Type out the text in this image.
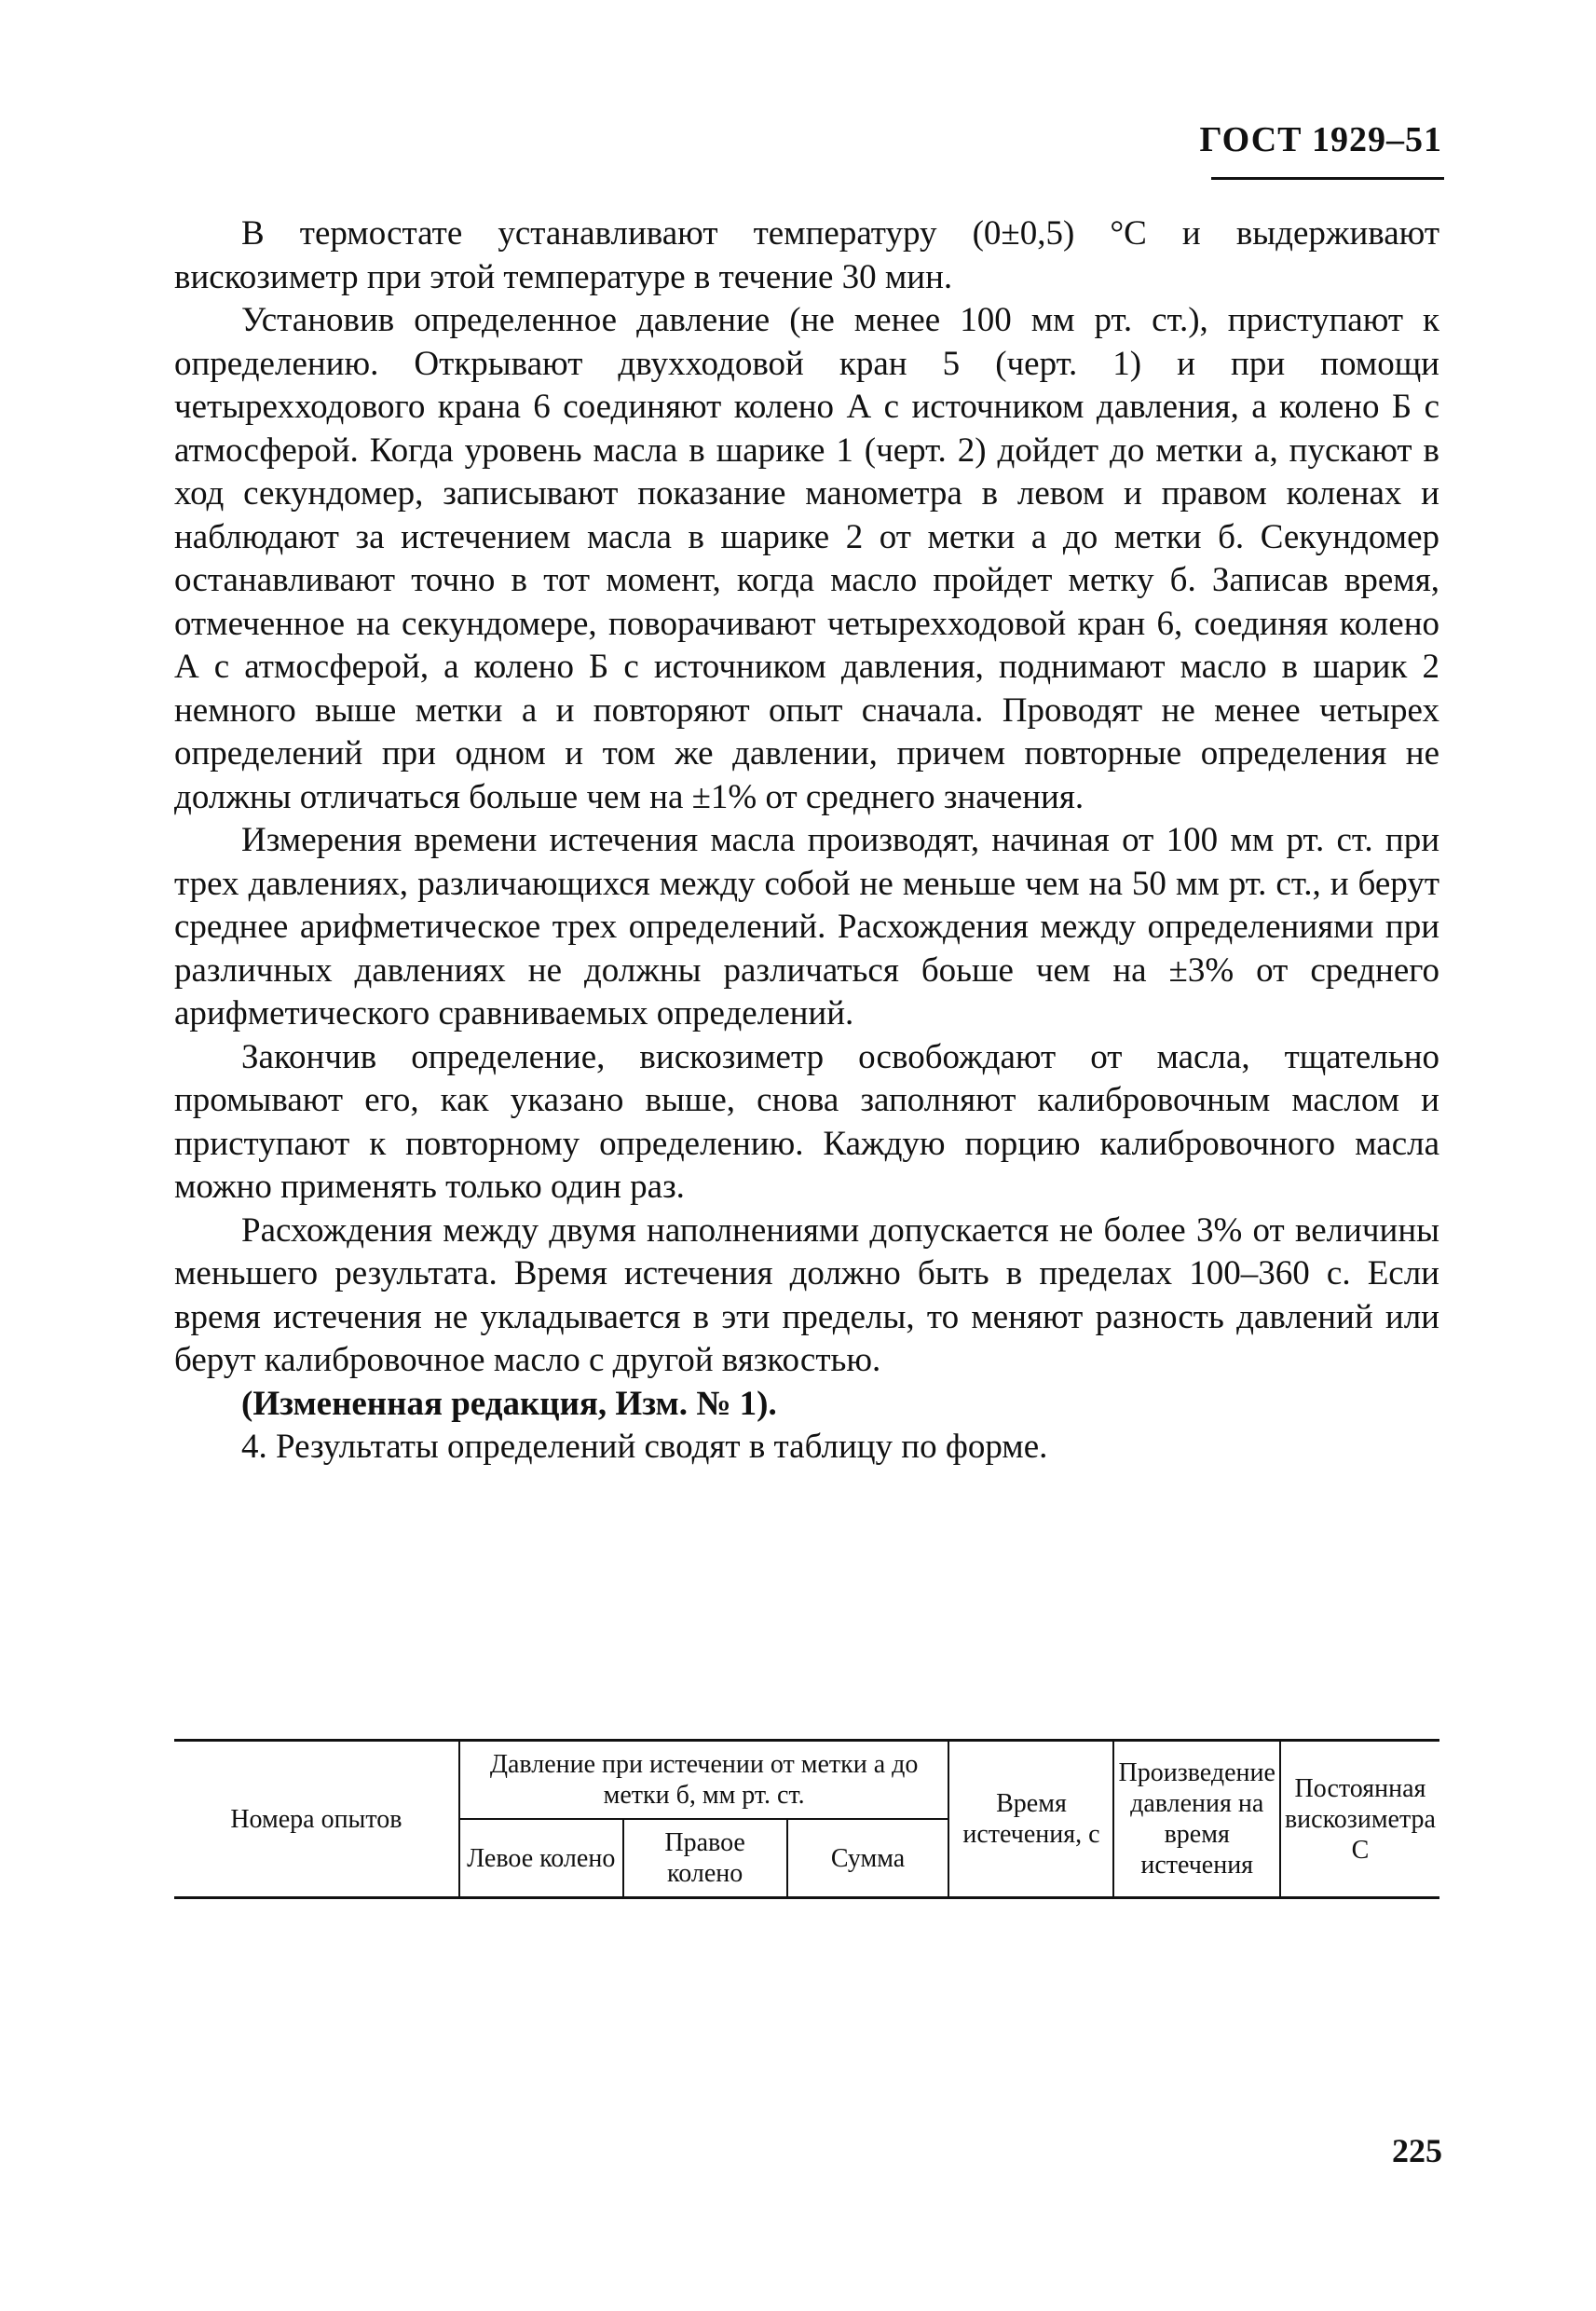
ГОСТ 1929–51

В термостате устанавливают температуру (0±0,5) °С и выдерживают вискозиметр при этой температуре в течение 30 мин.

Установив определенное давление (не менее 100 мм рт. ст.), приступают к определению. Открывают двухходовой кран 5 (черт. 1) и при помощи четырехходового крана 6 соединяют колено А с источником давления, а колено Б с атмосферой. Когда уровень масла в шарике 1 (черт. 2) дойдет до метки а, пускают в ход секундомер, записывают показание манометра в левом и правом коленах и наблюдают за истечением масла в шарике 2 от метки а до метки б. Секундомер останавливают точно в тот момент, когда масло пройдет метку б. Записав время, отмеченное на секундомере, поворачивают четырехходовой кран 6, соединяя колено А с атмосферой, а колено Б с источником давления, поднимают масло в шарик 2 немного выше метки а и повторяют опыт сначала. Проводят не менее четырех определений при одном и том же давлении, причем повторные определения не должны отличаться больше чем на ±1% от среднего значения.

Измерения времени истечения масла производят, начиная от 100 мм рт. ст. при трех давлениях, различающихся между собой не меньше чем на 50 мм рт. ст., и берут среднее арифметическое трех определений. Расхождения между определениями при различных давлениях не должны различаться боьше чем на ±3% от среднего арифметического сравниваемых определений.

Закончив определение, вискозиметр освобождают от масла, тщательно промывают его, как указано выше, снова заполняют калибровочным маслом и приступают к повторному определению. Каждую порцию калибровочного масла можно применять только один раз.

Расхождения между двумя наполнениями допускается не более 3% от величины меньшего результата. Время истечения должно быть в пределах 100–360 с. Если время истечения не укладывается в эти пределы, то меняют разность давлений или берут калибровочное масло с другой вязкостью.

(Измененная редакция, Изм. № 1).

4. Результаты определений сводят в таблицу по форме.

Номера опытов	Давление при истечении от метки а до метки б, мм рт. ст.			Время истечения, с	Произведение давления на время истечения	Постоянная вискозиметра С
	Левое колено	Правое колено	Сумма			
225
